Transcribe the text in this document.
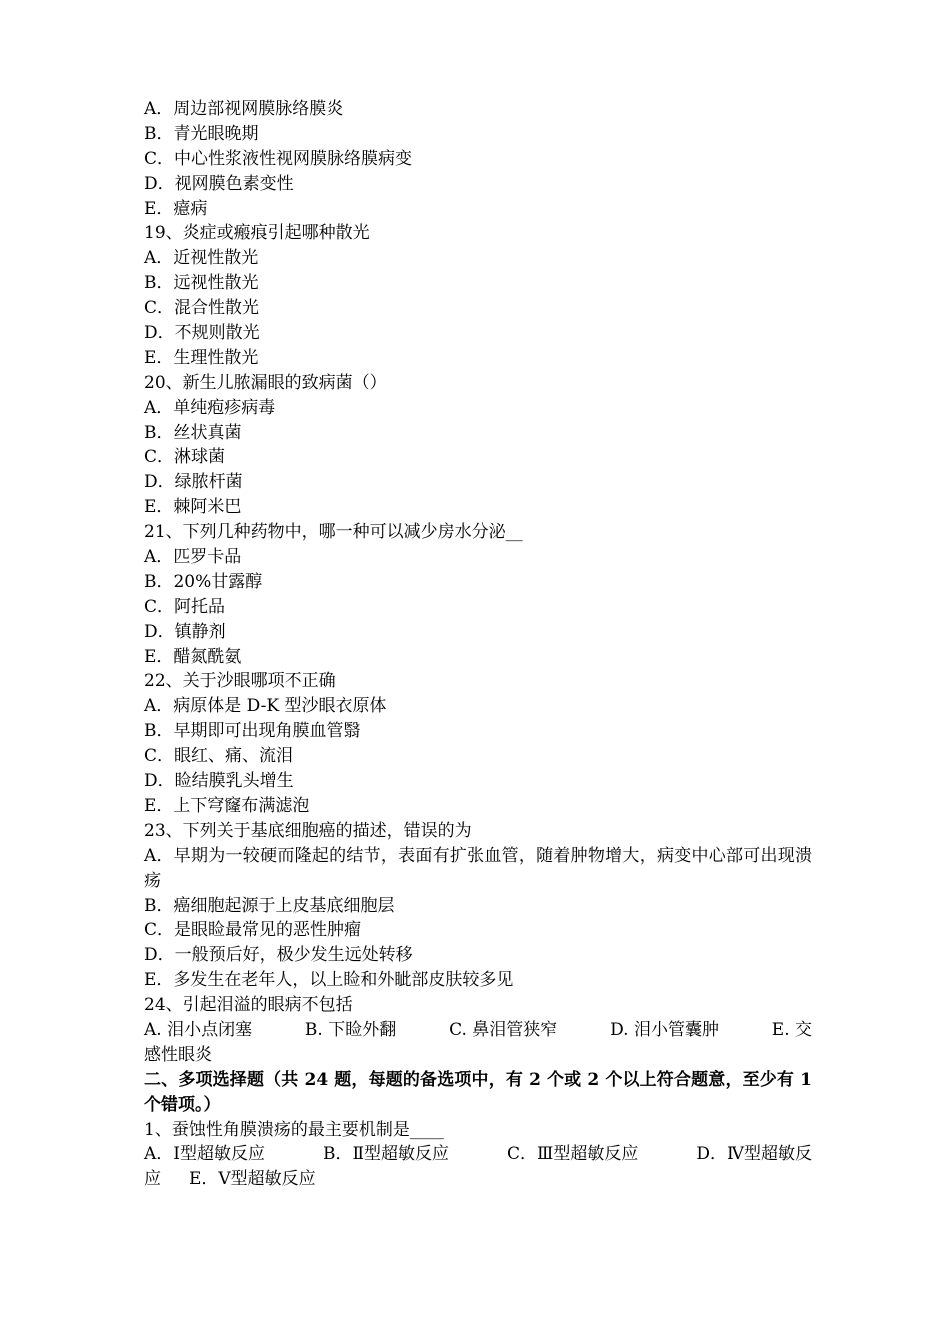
A．周边部视网膜脉络膜炎
B．青光眼晚期
C．中心性浆液性视网膜脉络膜病变
D．视网膜色素变性
E．癔病
19、炎症或瘢痕引起哪种散光
A．近视性散光
B．远视性散光
C．混合性散光
D．不规则散光
E．生理性散光
20、新生儿脓漏眼的致病菌（）
A．单纯疱疹病毒
B．丝状真菌
C．淋球菌
D．绿脓杆菌
E．棘阿米巴
21、下列几种药物中，哪一种可以减少房水分泌__
A．匹罗卡品
B．20%甘露醇
C．阿托品
D．镇静剂
E．醋氮酰氨
22、关于沙眼哪项不正确
A．病原体是 D-K 型沙眼衣原体
B．早期即可出现角膜血管翳
C．眼红、痛、流泪
D．睑结膜乳头增生
E．上下穹窿布满滤泡
23、下列关于基底细胞癌的描述，错误的为
A．早期为一较硬而隆起的结节，表面有扩张血管，随着肿物增大，病变中心部可出现溃疡
B．癌细胞起源于上皮基底细胞层
C．是眼睑最常见的恶性肿瘤
D．一般预后好，极少发生远处转移
E．多发生在老年人，以上睑和外眦部皮肤较多见
24、引起泪溢的眼病不包括
A. 泪小点闭塞	B. 下睑外翻	C. 鼻泪管狭窄	D. 泪小管囊肿	E. 交
感性眼炎
二、多项选择题（共 24 题，每题的备选项中，有 2 个或 2 个以上符合题意，至少有 1 个错项。）
1、蚕蚀性角膜溃疡的最主要机制是____
A．Ⅰ型超敏反应	B．Ⅱ型超敏反应	C．Ⅲ型超敏反应	D．Ⅳ型超敏反
应 E．Ⅴ型超敏反应
